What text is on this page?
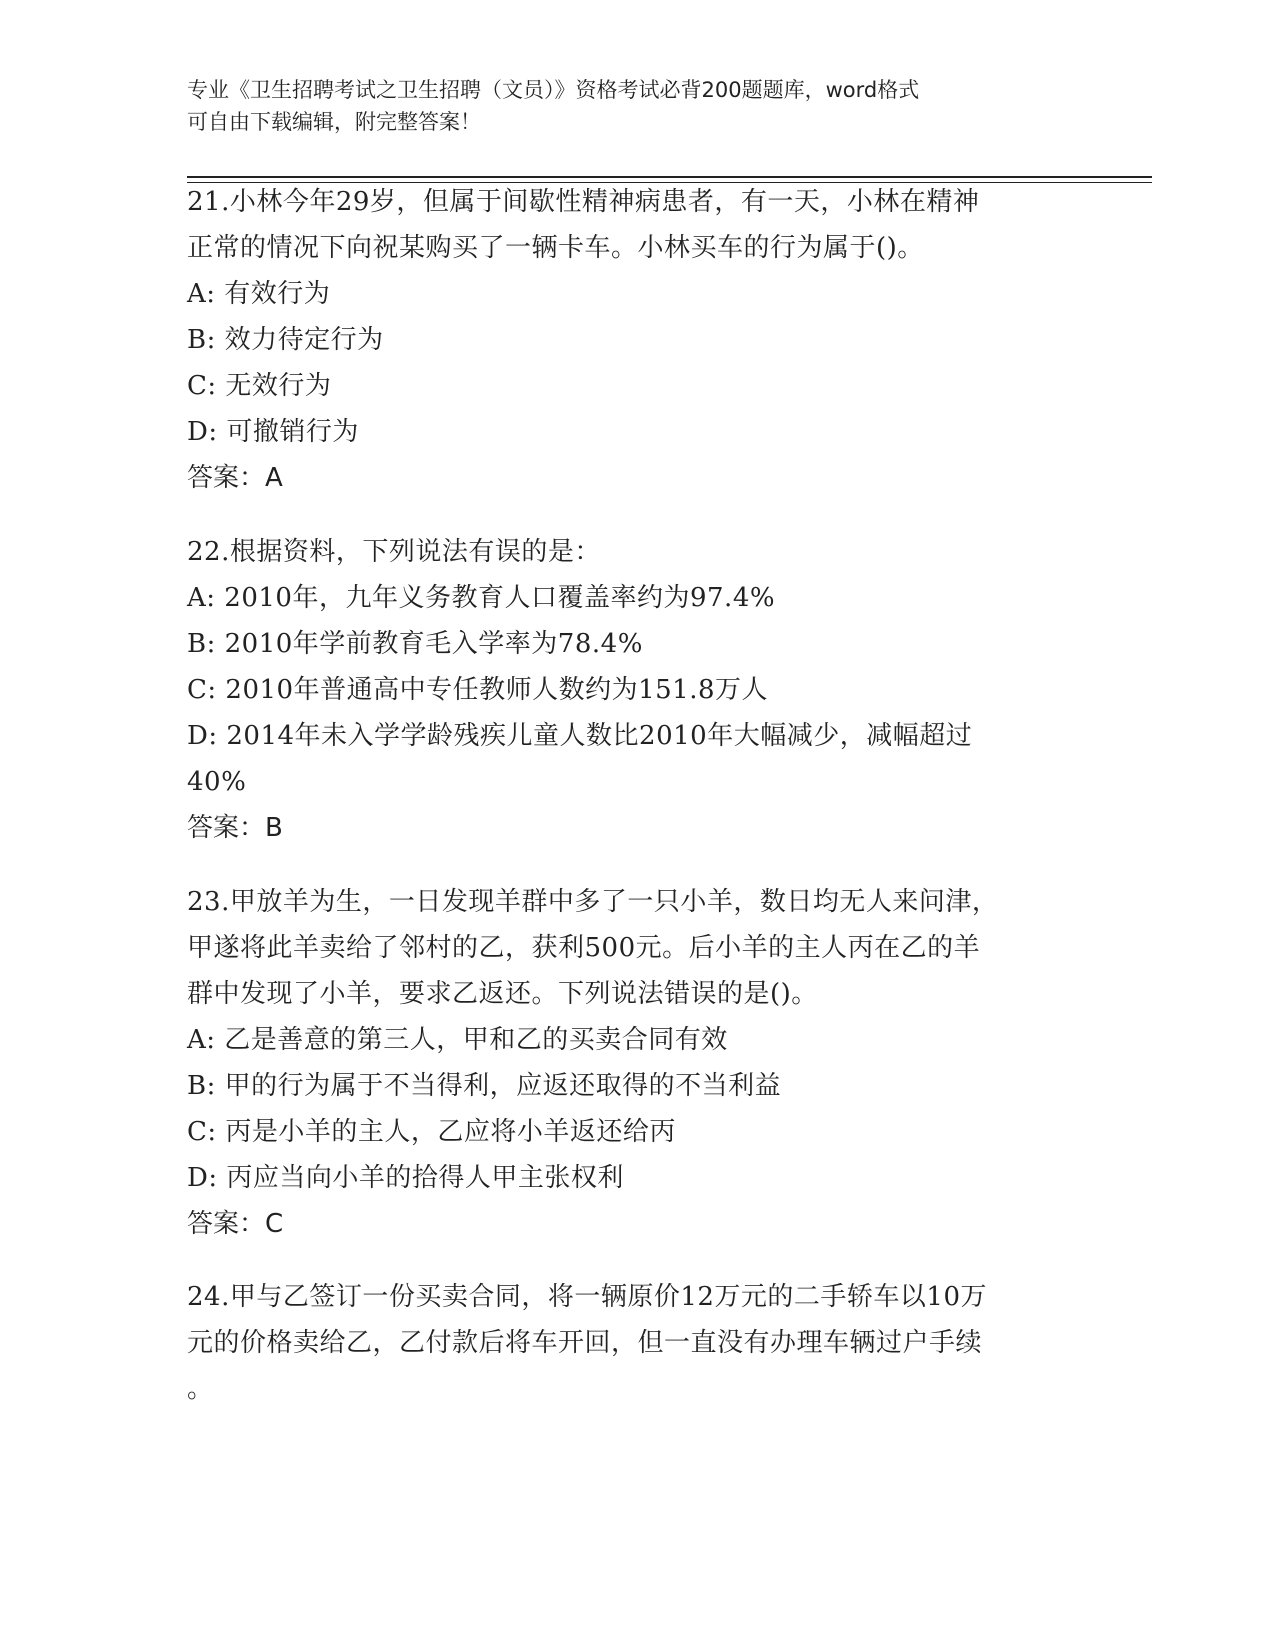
专业《卫生招聘考试之卫生招聘（文员）》资格考试必背200题题库，word格式
可自由下载编辑，附完整答案！
21.小林今年29岁，但属于间歇性精神病患者，有一天，小林在精神
正常的情况下向祝某购买了一辆卡车。小林买车的行为属于()。
A: 有效行为
B: 效力待定行为
C: 无效行为
D: 可撤销行为
答案：A
22.根据资料，下列说法有误的是：
A: 2010年，九年义务教育人口覆盖率约为97.4%
B: 2010年学前教育毛入学率为78.4%
C: 2010年普通高中专任教师人数约为151.8万人
D: 2014年未入学学龄残疾儿童人数比2010年大幅减少，减幅超过
40%
答案：B
23.甲放羊为生，一日发现羊群中多了一只小羊，数日均无人来问津，
甲遂将此羊卖给了邻村的乙，获利500元。后小羊的主人丙在乙的羊
群中发现了小羊，要求乙返还。下列说法错误的是()。
A: 乙是善意的第三人，甲和乙的买卖合同有效
B: 甲的行为属于不当得利，应返还取得的不当利益
C: 丙是小羊的主人，乙应将小羊返还给丙
D: 丙应当向小羊的拾得人甲主张权利
答案：C
24.甲与乙签订一份买卖合同，将一辆原价12万元的二手轿车以10万
元的价格卖给乙，乙付款后将车开回，但一直没有办理车辆过户手续
。
